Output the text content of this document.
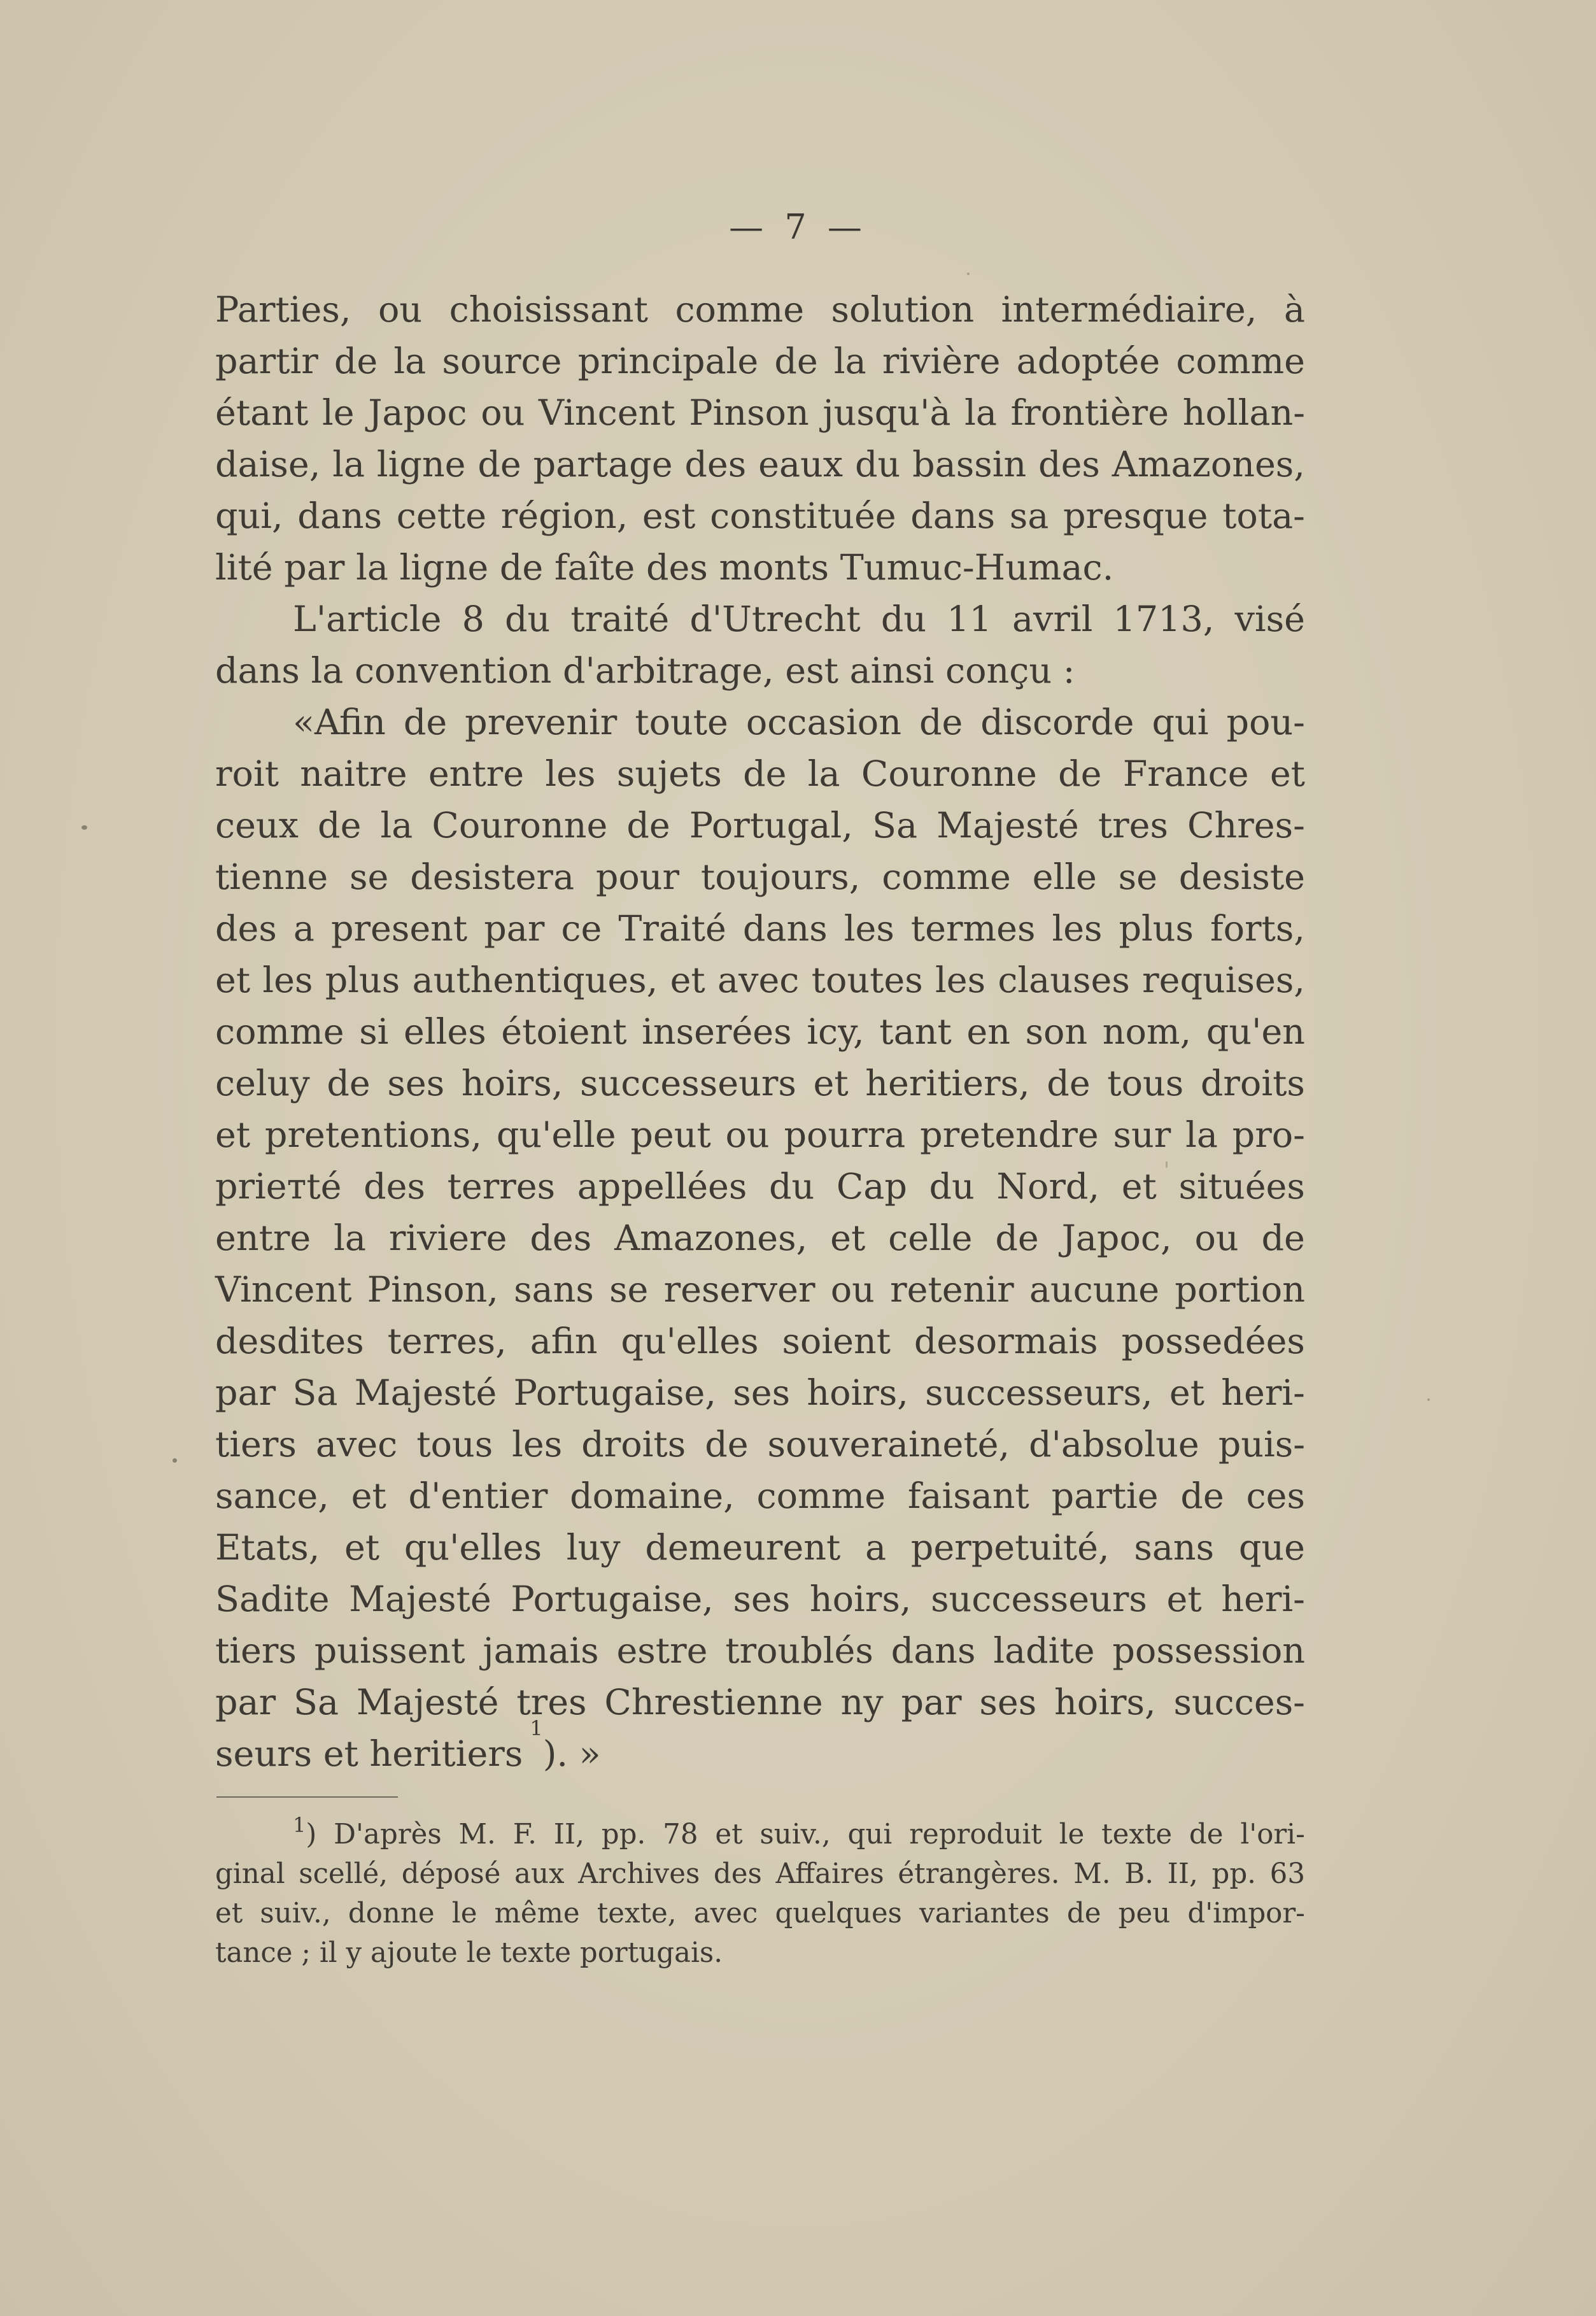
— 7 —
Parties, ou choisissant comme solution intermédiaire, à
partir de la source principale de la rivière adoptée comme
étant le Japoc ou Vincent Pinson jusqu'à la frontière hollan-
daise, la ligne de partage des eaux du bassin des Amazones,
qui, dans cette région, est constituée dans sa presque tota-
lité par la ligne de faîte des monts Tumuc-Humac.
L'article 8 du traité d'Utrecht du 11 avril 1713, visé
dans la convention d'arbitrage, est ainsi conçu :
«Afin de prevenir toute occasion de discorde qui pou-
roit naitre entre les sujets de la Couronne de France et
ceux de la Couronne de Portugal, Sa Majesté tres Chres-
tienne se desistera pour toujours, comme elle se desiste
des a present par ce Traité dans les termes les plus forts,
et les plus authentiques, et avec toutes les clauses requises,
comme si elles étoient inserées icy, tant en son nom, qu'en
celuy de ses hoirs, successeurs et heritiers, de tous droits
et pretentions, qu'elle peut ou pourra pretendre sur la pro-
priетté des terres appellées du Cap du Nord, et situées
entre la riviere des Amazones, et celle de Japoc, ou de
Vincent Pinson, sans se reserver ou retenir aucune portion
desdites terres, afin qu'elles soient desormais possedées
par Sa Majesté Portugaise, ses hoirs, successeurs, et heri-
tiers avec tous les droits de souveraineté, d'absolue puis-
sance, et d'entier domaine, comme faisant partie de ces
Etats, et qu'elles luy demeurent a perpetuité, sans que
Sadite Majesté Portugaise, ses hoirs, successeurs et heri-
tiers puissent jamais estre troublés dans ladite possession
par Sa Majesté tres Chrestienne ny par ses hoirs, succes-
seurs et heritiers

1
). »
$^1$) D'après M. F. II, pp. 78 et suiv., qui reproduit le texte de l'ori-
ginal scellé, déposé aux Archives des Affaires étrangères. M. B. II, pp. 63
et suiv., donne le même texte, avec quelques variantes de peu d'impor-
tance ; il y ajoute le texte portugais.
